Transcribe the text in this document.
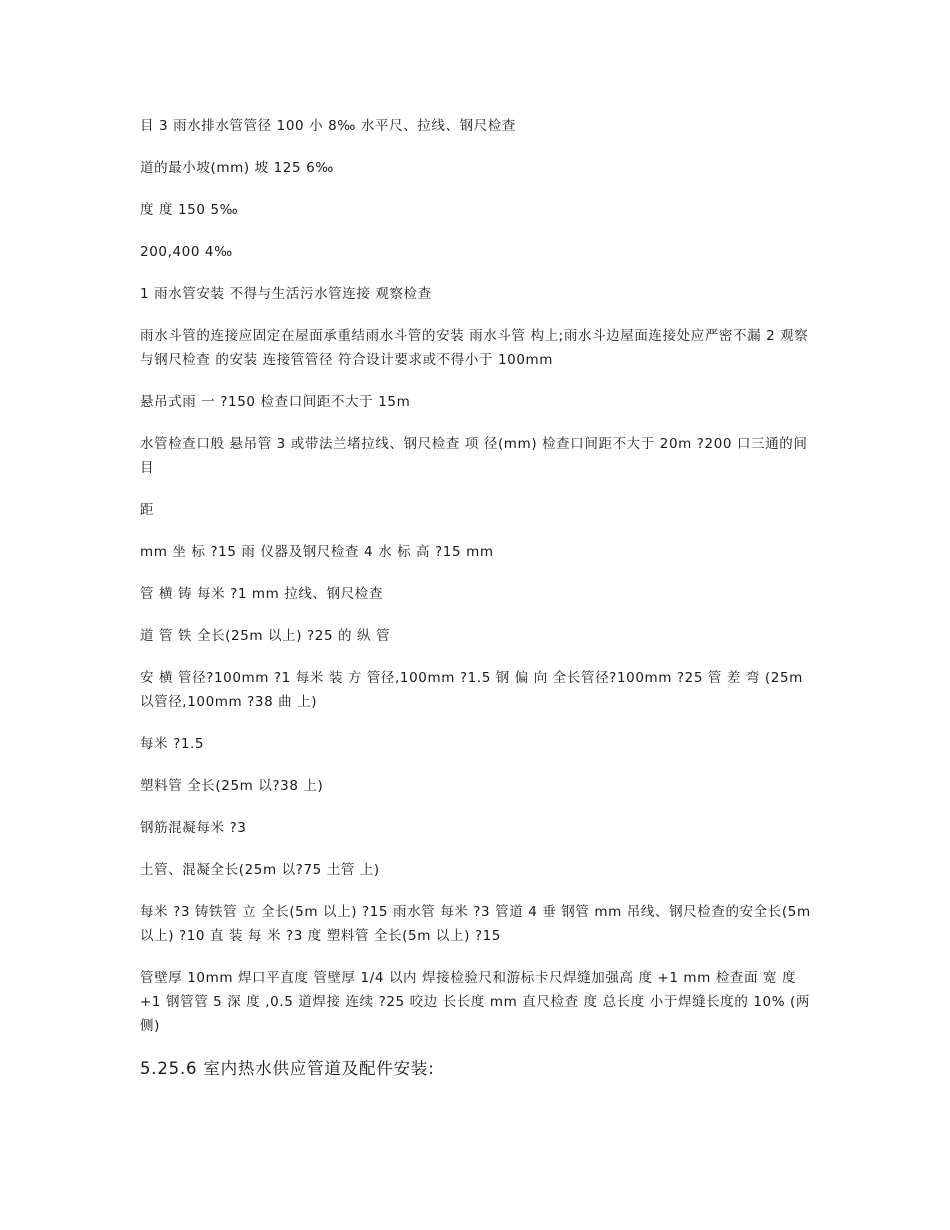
目 3 雨水排水管管径 100 小 8‰ 水平尺、拉线、钢尺检查

道的最小坡(mm) 坡 125 6‰

度 度 150 5‰

200,400 4‰

1 雨水管安装 不得与生活污水管连接 观察检查

雨水斗管的连接应固定在屋面承重结雨水斗管的安装 雨水斗管 构上;雨水斗边屋面连接处应严密不漏 2 观察与钢尺检查 的安装 连接管管径 符合设计要求或不得小于 100mm

悬吊式雨 一 ?150 检查口间距不大于 15m

水管检查口般 悬吊管 3 或带法兰堵拉线、钢尺检查 项 径(mm) 检查口间距不大于 20m ?200 口三通的间目

距

mm 坐 标 ?15 雨 仪器及钢尺检查 4 水 标 高 ?15 mm

管 横 铸 每米 ?1 mm 拉线、钢尺检查

道 管 铁 全长(25m 以上) ?25 的 纵 管

安 横 管径?100mm ?1 每米 装 方 管径,100mm ?1.5 钢 偏 向 全长管径?100mm ?25 管 差 弯 (25m 以管径,100mm ?38 曲 上)

每米 ?1.5

塑料管 全长(25m 以?38 上)

钢筋混凝每米 ?3

土管、混凝全长(25m 以?75 土管 上)

每米 ?3 铸铁管 立 全长(5m 以上) ?15 雨水管 每米 ?3 管道 4 垂 钢管 mm 吊线、钢尺检查的安全长(5m 以上) ?10 直 装 每 米 ?3 度 塑料管 全长(5m 以上) ?15

管壁厚 10mm 焊口平直度 管壁厚 1/4 以内 焊接检验尺和游标卡尺焊缝加强高 度 +1 mm 检查面 宽 度 +1 钢管管 5 深 度 ,0.5 道焊接 连续 ?25 咬边 长长度 mm 直尺检查 度 总长度 小于焊缝长度的 10% (两侧)

5.25.6 室内热水供应管道及配件安装:
